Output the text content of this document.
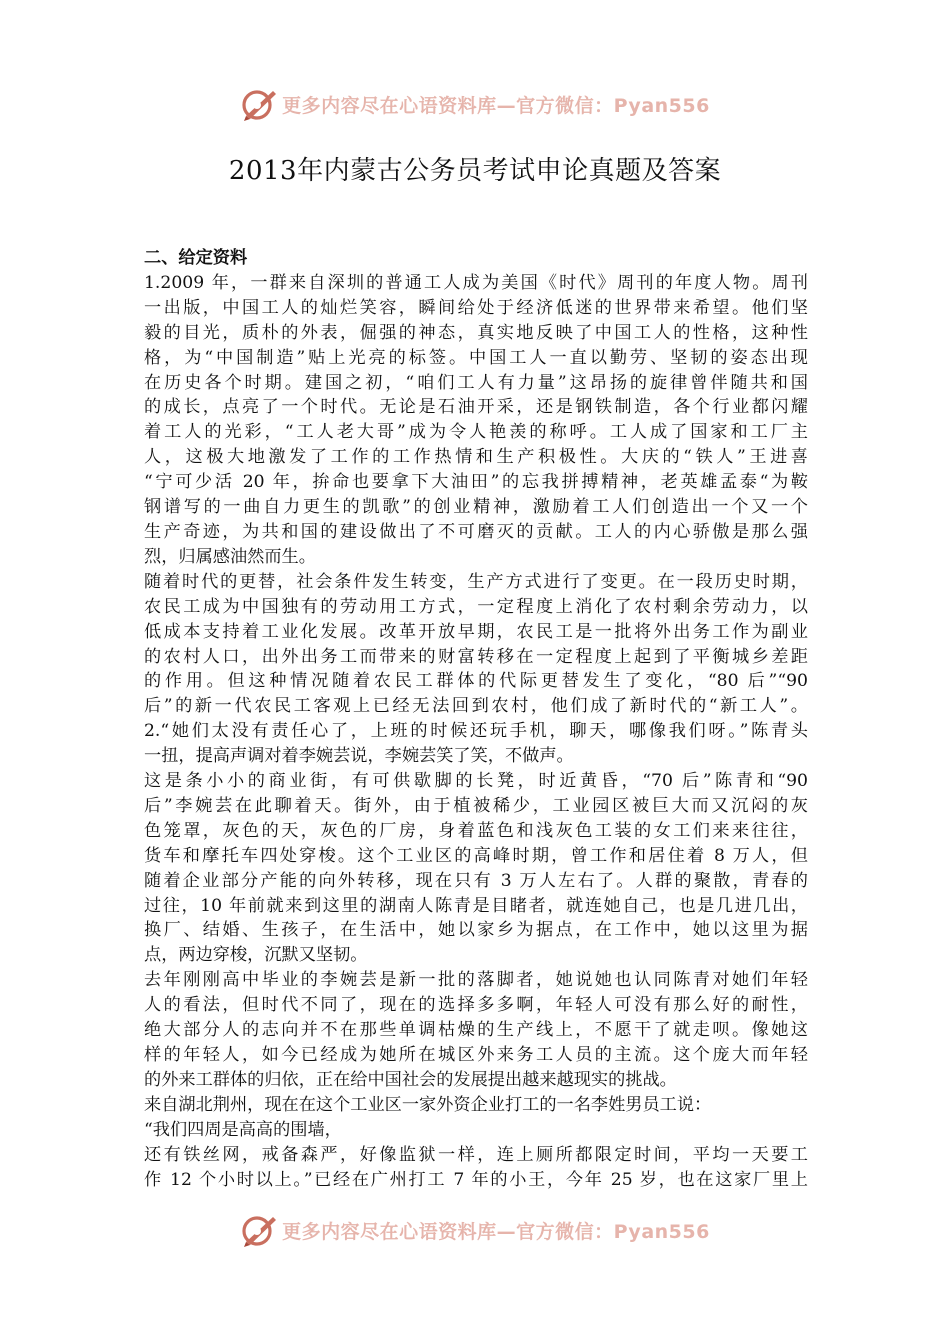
更多内容尽在心语资料库—官方微信：Pyan556
2013年内蒙古公务员考试申论真题及答案

二、给定资料

1.2009 年，一群来自深圳的普通工人成为美国《时代》周刊的年度人物。周刊

一出版，中国工人的灿烂笑容，瞬间给处于经济低迷的世界带来希望。他们坚

毅的目光，质朴的外表，倔强的神态，真实地反映了中国工人的性格，这种性

格，为“中国制造”贴上光亮的标签。中国工人一直以勤劳、坚韧的姿态出现

在历史各个时期。建国之初，“咱们工人有力量”这昂扬的旋律曾伴随共和国

的成长，点亮了一个时代。无论是石油开采，还是钢铁制造，各个行业都闪耀

着工人的光彩，“工人老大哥”成为令人艳羡的称呼。工人成了国家和工厂主

人，这极大地激发了工作的工作热情和生产积极性。大庆的“铁人”王进喜

“宁可少活 20 年，拚命也要拿下大油田”的忘我拼搏精神，老英雄孟泰“为鞍

钢谱写的一曲自力更生的凯歌”的创业精神，激励着工人们创造出一个又一个

生产奇迹，为共和国的建设做出了不可磨灭的贡献。工人的内心骄傲是那么强

烈，归属感油然而生。

随着时代的更替，社会条件发生转变，生产方式进行了变更。在一段历史时期，

农民工成为中国独有的劳动用工方式，一定程度上消化了农村剩余劳动力，以

低成本支持着工业化发展。改革开放早期，农民工是一批将外出务工作为副业

的农村人口，出外出务工而带来的财富转移在一定程度上起到了平衡城乡差距

的作用。但这种情况随着农民工群体的代际更替发生了变化，“80 后”“90

后”的新一代农民工客观上已经无法回到农村，他们成了新时代的“新工人”。

2.“她们太没有责任心了，上班的时候还玩手机，聊天，哪像我们呀。”陈青头

一扭，提高声调对着李婉芸说，李婉芸笑了笑，不做声。

这是条小小的商业街，有可供歇脚的长凳，时近黄昏，“70 后”陈青和“90

后”李婉芸在此聊着天。街外，由于植被稀少，工业园区被巨大而又沉闷的灰

色笼罩，灰色的天，灰色的厂房，身着蓝色和浅灰色工装的女工们来来往往，

货车和摩托车四处穿梭。这个工业区的高峰时期，曾工作和居住着 8 万人，但

随着企业部分产能的向外转移，现在只有 3 万人左右了。人群的聚散，青春的

过往，10 年前就来到这里的湖南人陈青是目睹者，就连她自己，也是几进几出，

换厂、结婚、生孩子，在生活中，她以家乡为据点，在工作中，她以这里为据

点，两边穿梭，沉默又坚韧。

去年刚刚高中毕业的李婉芸是新一批的落脚者，她说她也认同陈青对她们年轻

人的看法，但时代不同了，现在的选择多多啊，年轻人可没有那么好的耐性，

绝大部分人的志向并不在那些单调枯燥的生产线上，不愿干了就走呗。像她这

样的年轻人，如今已经成为她所在城区外来务工人员的主流。这个庞大而年轻

的外来工群体的归依，正在给中国社会的发展提出越来越现实的挑战。

来自湖北荆州，现在在这个工业区一家外资企业打工的一名李姓男员工说：

“我们四周是高高的围墙，

还有铁丝网，戒备森严，好像监狱一样，连上厕所都限定时间，平均一天要工

作 12 个小时以上。”已经在广州打工 7 年的小王，今年 25 岁，也在这家厂里上

更多内容尽在心语资料库—官方微信：Pyan556
